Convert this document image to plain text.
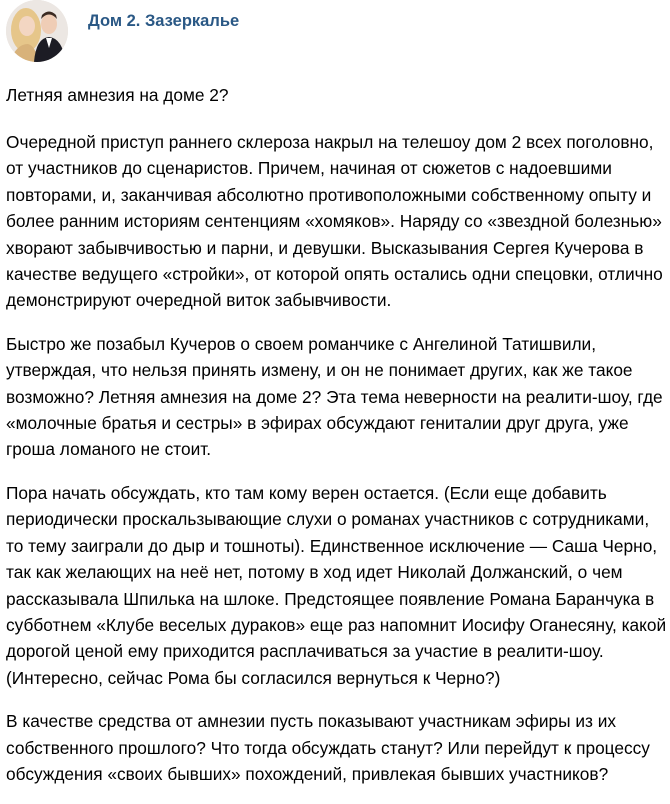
Дом 2. Зазеркалье
Летняя амнезия на доме 2?
Очередной приступ раннего склероза накрыл на телешоу дом 2 всех поголовно,
от участников до сценаристов. Причем, начиная от сюжетов с надоевшими
повторами, и, заканчивая абсолютно противоположными собственному опыту и
более ранним историям сентенциям «хомяков». Наряду со «звездной болезнью»
хворают забывчивостью и парни, и девушки. Высказывания Сергея Кучерова в
качестве ведущего «стройки», от которой опять остались одни спецовки, отлично
демонстрируют очередной виток забывчивости.
Быстро же позабыл Кучеров о своем романчике с Ангелиной Татишвили,
утверждая, что нельзя принять измену, и он не понимает других, как же такое
возможно? Летняя амнезия на доме 2? Эта тема неверности на реалити-шоу, где
«молочные братья и сестры» в эфирах обсуждают гениталии друг друга, уже
гроша ломаного не стоит.
Пора начать обсуждать, кто там кому верен остается. (Если еще добавить
периодически проскальзывающие слухи о романах участников с сотрудниками,
то тему заиграли до дыр и тошноты). Единственное исключение — Саша Черно,
так как желающих на неё нет, потому в ход идет Николай Должанский, о чем
рассказывала Шпилька на шлоке. Предстоящее появление Романа Баранчука в
субботнем «Клубе веселых дураков» еще раз напомнит Иосифу Оганесяну, какой
дорогой ценой ему приходится расплачиваться за участие в реалити-шоу.
(Интересно, сейчас Рома бы согласился вернуться к Черно?)
В качестве средства от амнезии пусть показывают участникам эфиры из их
собственного прошлого? Что тогда обсуждать станут? Или перейдут к процессу
обсуждения «своих бывших» похождений, привлекая бывших участников?
